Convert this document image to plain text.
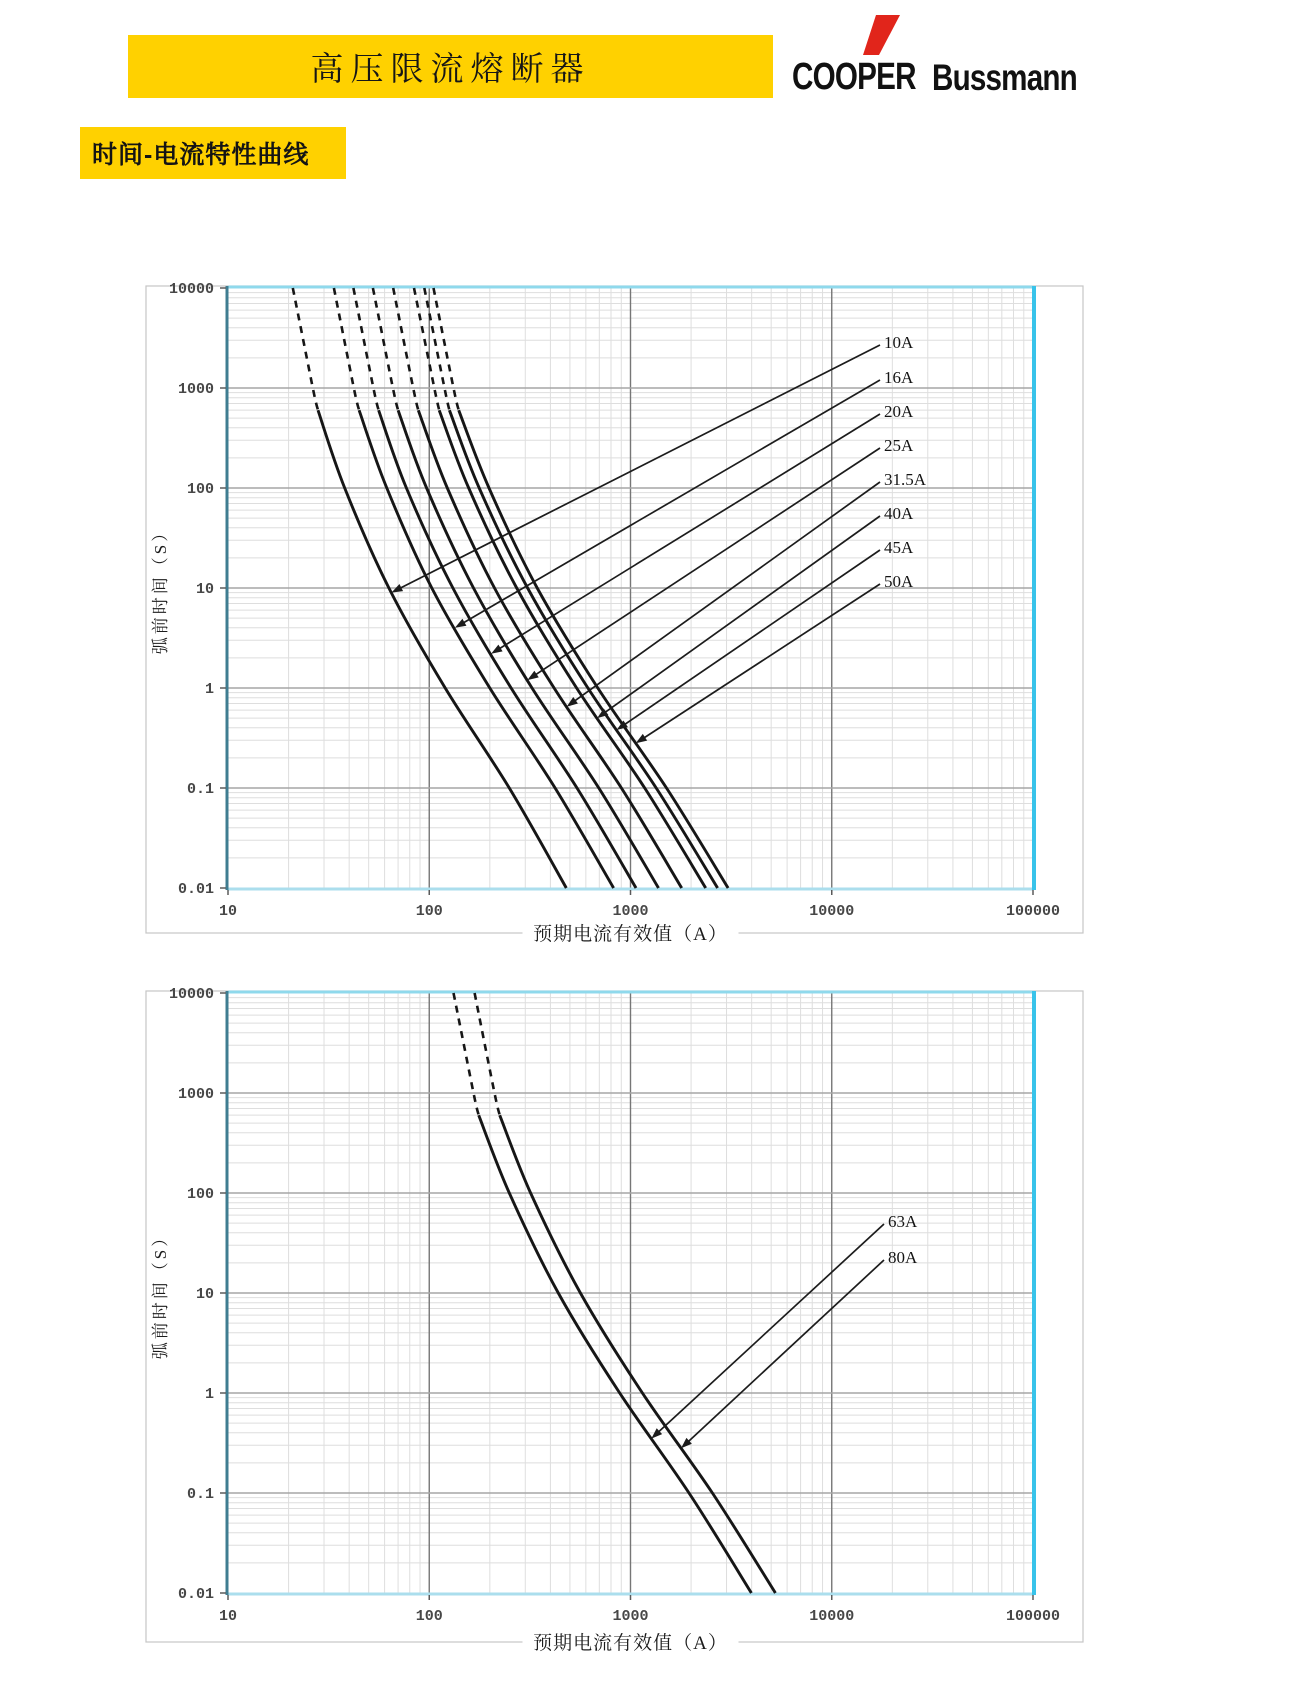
高压限流熔断器	COOPER Bussmann
时间-电流特性曲线
10000
1000
100
10
1
0.1
0.01
10	100	1000	10000	100000
10A
16A
20A
25A
31.5A
40A
45A
50A
预期电流有效值（A）
弧前时间（S）
10000
1000
100
10
1
0.1
0.01
10	100	1000	10000	100000
63A
80A
预期电流有效值（A）
弧前时间（S）
